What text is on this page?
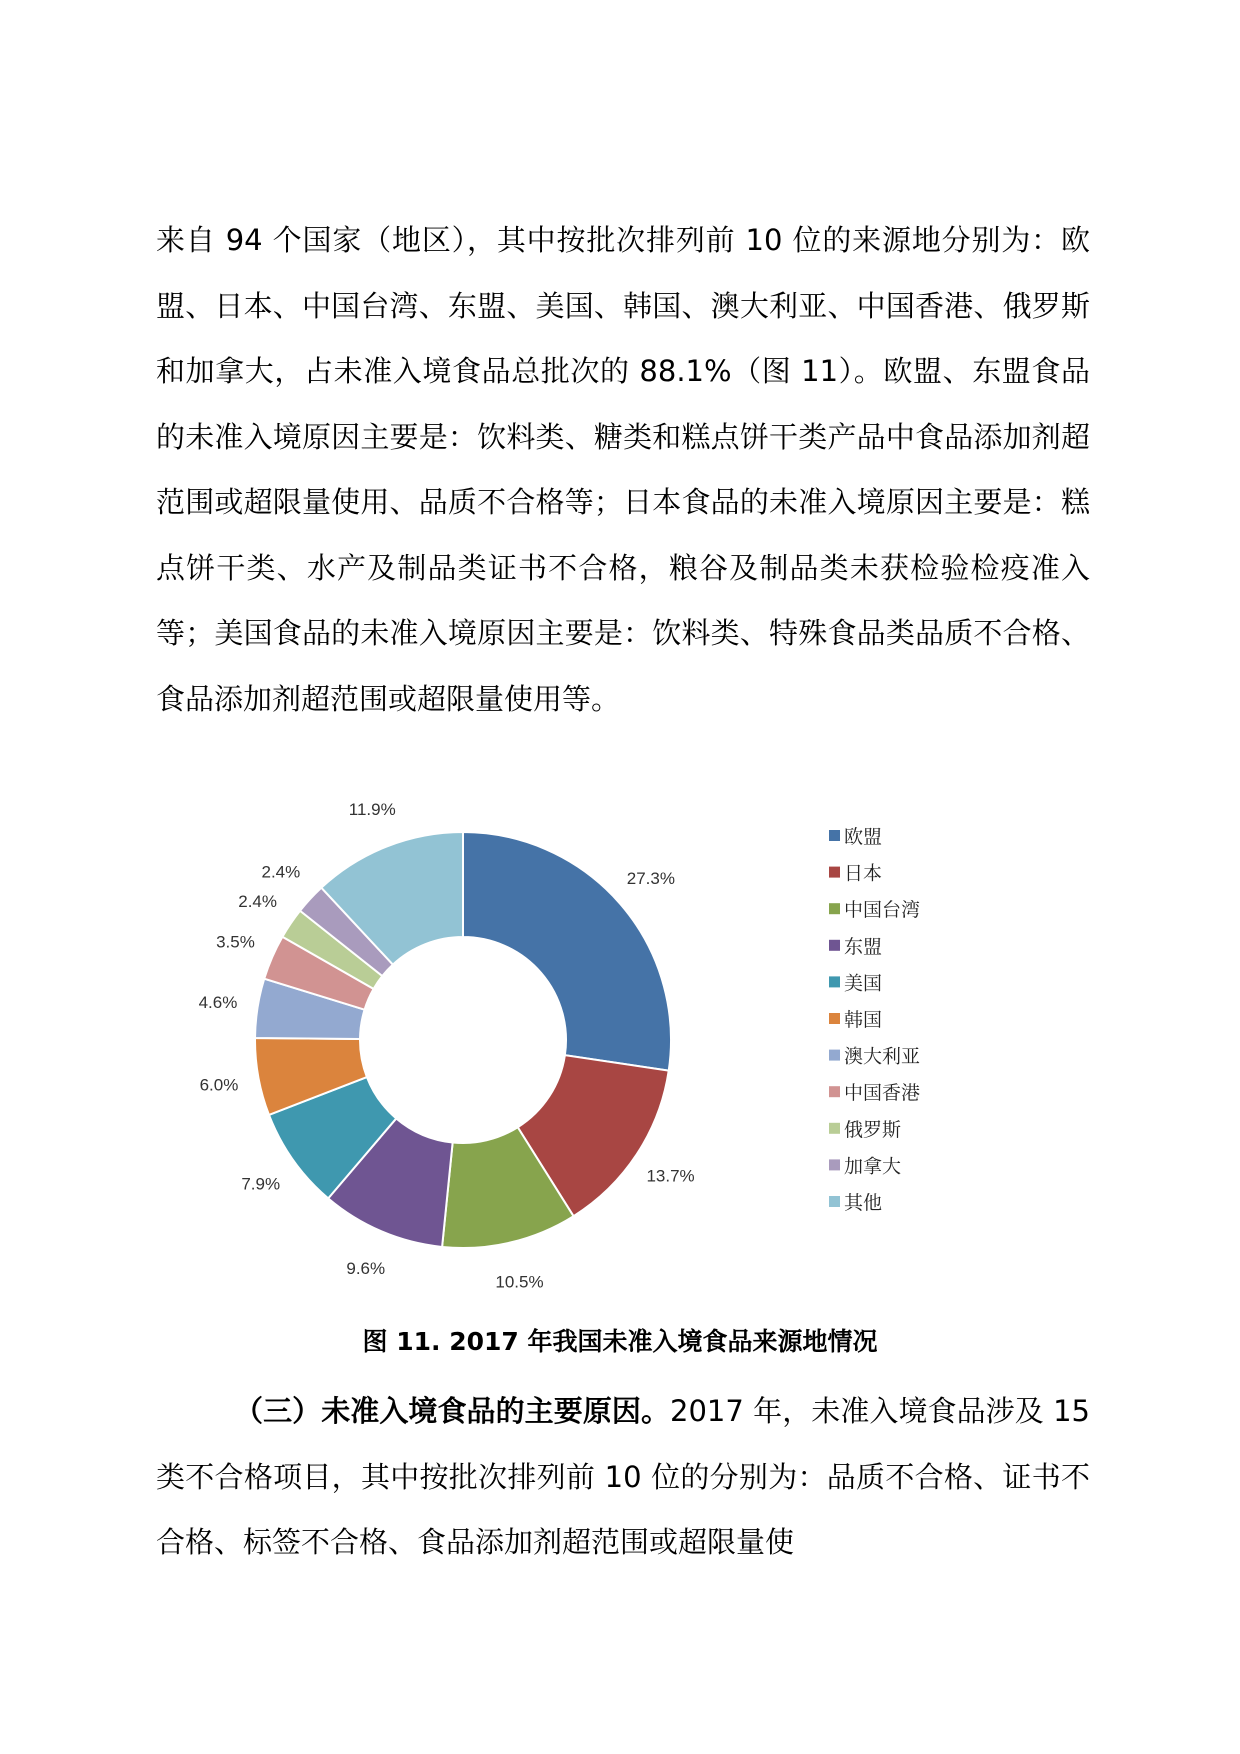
来自 94 个国家（地区），其中按批次排列前 10 位的来源地分别为：欧盟、日本、中国台湾、东盟、美国、韩国、澳大利亚、中国香港、俄罗斯和加拿大，占未准入境食品总批次的 88.1%（图 11）。欧盟、东盟食品的未准入境原因主要是：饮料类、糖类和糕点饼干类产品中食品添加剂超范围或超限量使用、品质不合格等；日本食品的未准入境原因主要是：糕点饼干类、水产及制品类证书不合格，粮谷及制品类未获检验检疫准入等；美国食品的未准入境原因主要是：饮料类、特殊食品类品质不合格、食品添加剂超范围或超限量使用等。

27.3%
13.7%
10.5%
9.6%
7.9%
6.0%
4.6%
3.5%
2.4%
2.4%
11.9%
欧盟
日本
中国台湾
东盟
美国
韩国
澳大利亚
中国香港
俄罗斯
加拿大
其他

图 11. 2017 年我国未准入境食品来源地情况

（三）未准入境食品的主要原因。2017 年，未准入境食品涉及 15 类不合格项目，其中按批次排列前 10 位的分别为：品质不合格、证书不合格、标签不合格、食品添加剂超范围或超限量使
